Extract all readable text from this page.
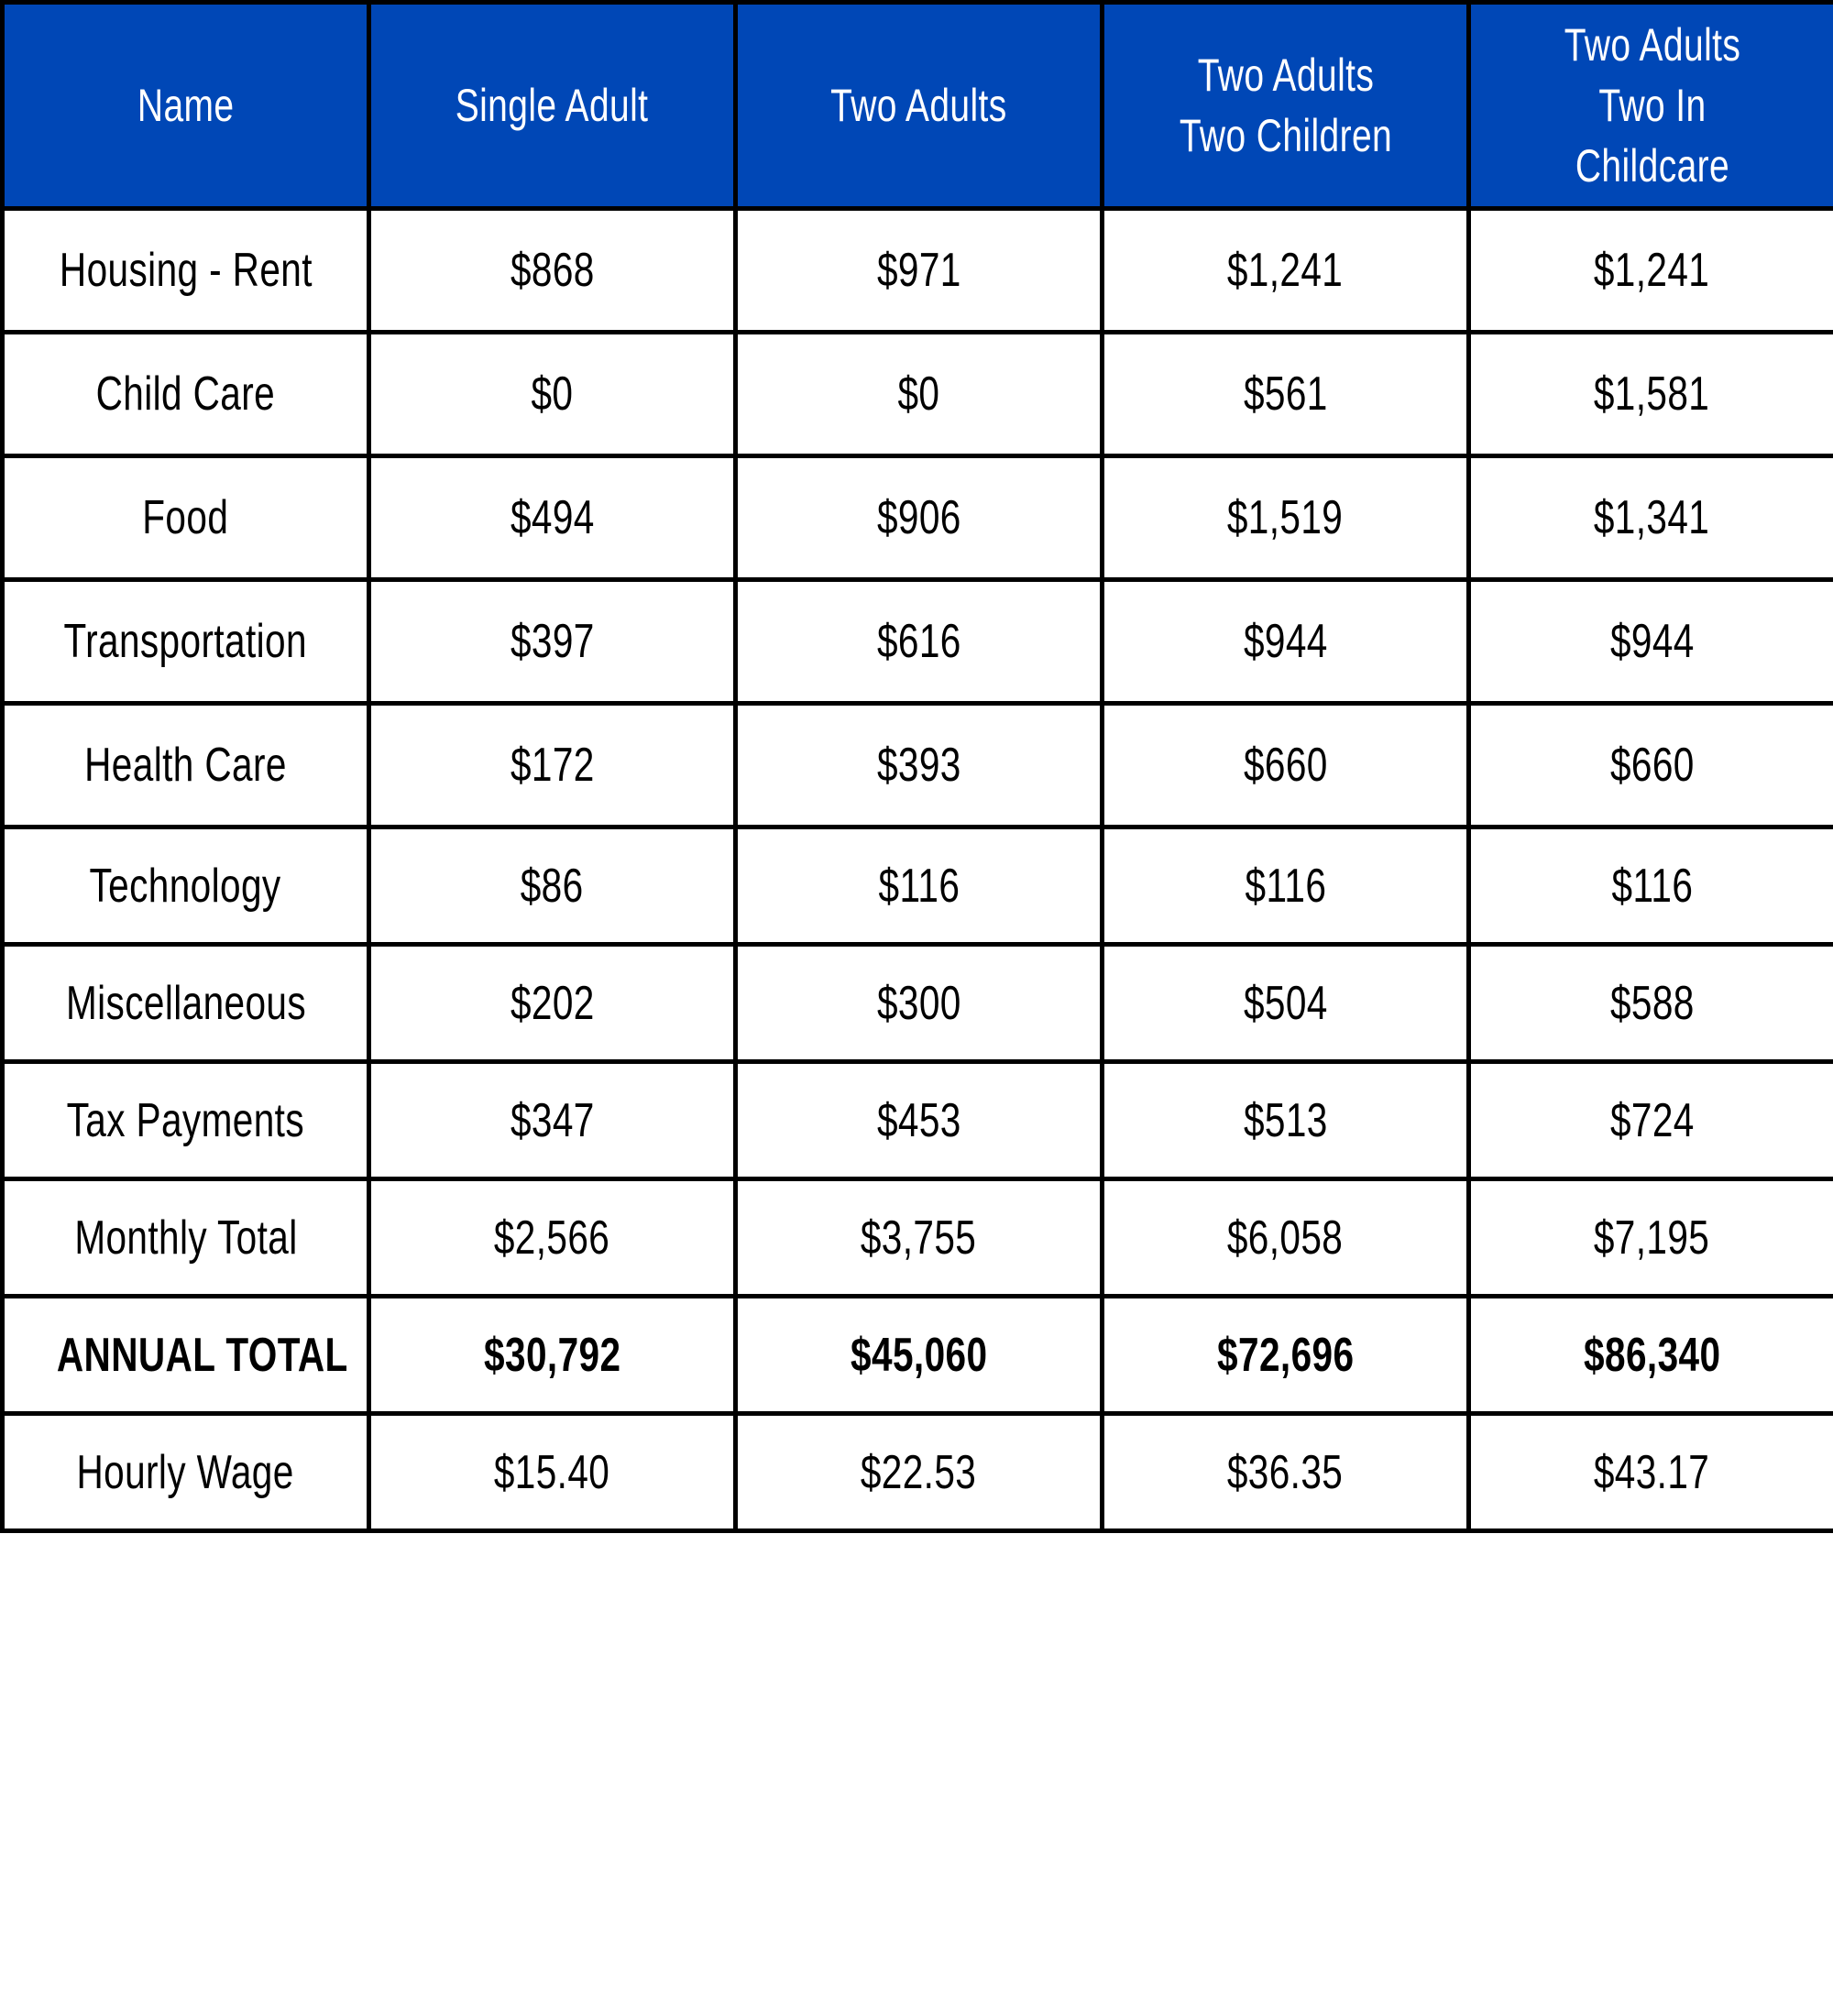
Name	Single Adult	Two Adults	Two Adults Two Children	Two Adults Two In Childcare
Housing - Rent	$868	$971	$1,241	$1,241
Child Care	$0	$0	$561	$1,581
Food	$494	$906	$1,519	$1,341
Transportation	$397	$616	$944	$944
Health Care	$172	$393	$660	$660
Technology	$86	$116	$116	$116
Miscellaneous	$202	$300	$504	$588
Tax Payments	$347	$453	$513	$724
Monthly Total	$2,566	$3,755	$6,058	$7,195
ANNUAL TOTAL	$30,792	$45,060	$72,696	$86,340
Hourly Wage	$15.40	$22.53	$36.35	$43.17
